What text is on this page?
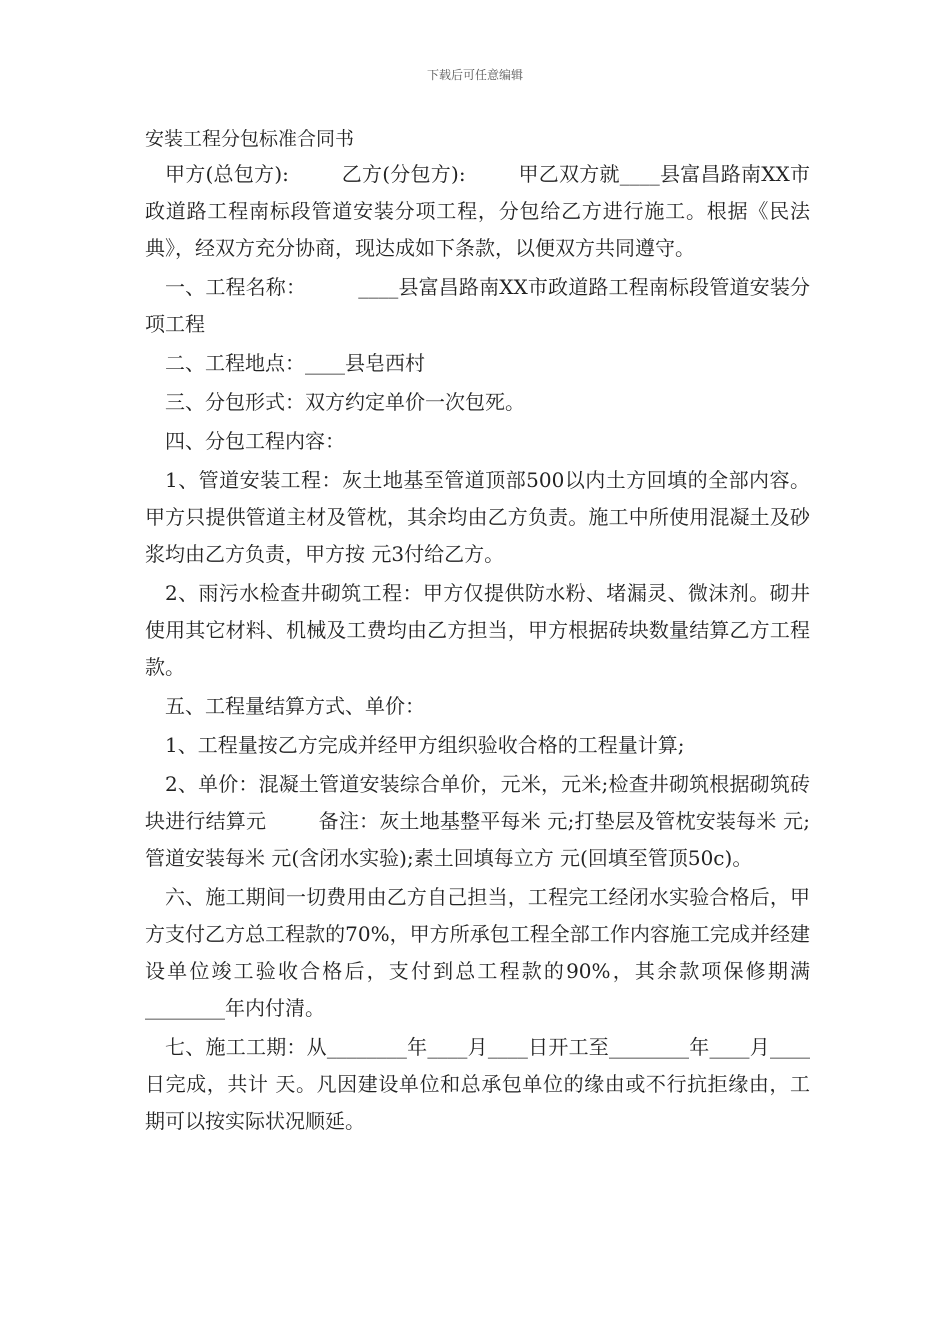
下载后可任意编辑
安装工程分包标准合同书

甲方(总包方):        乙方(分包方):        甲乙双方就____县富昌路南XX市政道路工程南标段管道安装分项工程，分包给乙方进行施工。根据《民法典》，经双方充分协商，现达成如下条款，以便双方共同遵守。

一、工程名称：        ____县富昌路南XX市政道路工程南标段管道安装分项工程

二、工程地点：____县皂西村

三、分包形式：双方约定单价一次包死。

四、分包工程内容：

1、管道安装工程：灰土地基至管道顶部500以内土方回填的全部内容。甲方只提供管道主材及管枕，其余均由乙方负责。施工中所使用混凝土及砂浆均由乙方负责，甲方按 元3付给乙方。

2、雨污水检查井砌筑工程：甲方仅提供防水粉、堵漏灵、微沫剂。砌井使用其它材料、机械及工费均由乙方担当，甲方根据砖块数量结算乙方工程款。

五、工程量结算方式、单价：

1、工程量按乙方完成并经甲方组织验收合格的工程量计算;

2、单价：混凝土管道安装综合单价，元米，元米;检查井砌筑根据砌筑砖块进行结算元        备注：灰土地基整平每米 元;打垫层及管枕安装每米 元;管道安装每米 元(含闭水实验);素土回填每立方 元(回填至管顶50c)。

六、施工期间一切费用由乙方自己担当，工程完工经闭水实验合格后，甲方支付乙方总工程款的70%，甲方所承包工程全部工作内容施工完成并经建设单位竣工验收合格后，支付到总工程款的90%，其余款项保修期满________年内付清。

七、施工工期：从________年____月____日开工至________年____月____日完成，共计 天。凡因建设单位和总承包单位的缘由或不行抗拒缘由，工期可以按实际状况顺延。
